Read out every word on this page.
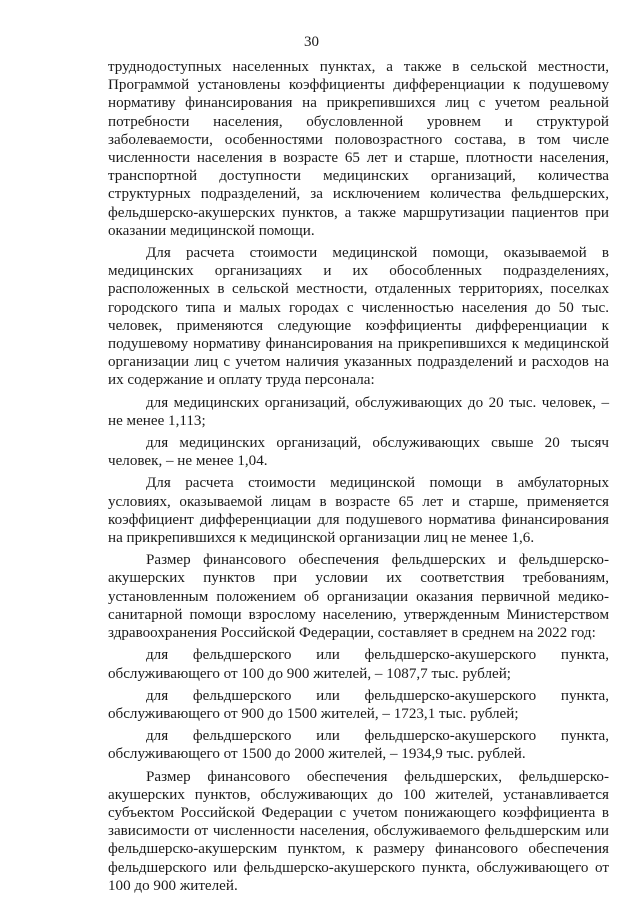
30

труднодоступных населенных пунктах, а также в сельской местности, Программой установлены коэффициенты дифференциации к подушевому нормативу финансирования на прикрепившихся лиц с учетом реальной потребности населения, обусловленной уровнем и структурой заболеваемости, особенностями половозрастного состава, в том числе численности населения в возрасте 65 лет и старше, плотности населения, транспортной доступности медицинских организаций, количества структурных подразделений, за исключением количества фельдшерских, фельдшерско-акушерских пунктов, а также маршрутизации пациентов при оказании медицинской помощи.

Для расчета стоимости медицинской помощи, оказываемой в медицинских организациях и их обособленных подразделениях, расположенных в сельской местности, отдаленных территориях, поселках городского типа и малых городах с численностью населения до 50 тыс. человек, применяются следующие коэффициенты дифференциации к подушевому нормативу финансирования на прикрепившихся к медицинской организации лиц с учетом наличия указанных подразделений и расходов на их содержание и оплату труда персонала:

для медицинских организаций, обслуживающих до 20 тыс. человек, – не менее 1,113;

для медицинских организаций, обслуживающих свыше 20 тысяч человек, – не менее 1,04.

Для расчета стоимости медицинской помощи в амбулаторных условиях, оказываемой лицам в возрасте 65 лет и старше, применяется коэффициент дифференциации для подушевого норматива финансирования на прикрепившихся к медицинской организации лиц не менее 1,6.

Размер финансового обеспечения фельдшерских и фельдшерско-акушерских пунктов при условии их соответствия требованиям, установленным положением об организации оказания первичной медико-санитарной помощи взрослому населению, утвержденным Министерством здравоохранения Российской Федерации, составляет в среднем на 2022 год:

для фельдшерского или фельдшерско-акушерского пункта, обслуживающего от 100 до 900 жителей, – 1087,7 тыс. рублей;

для фельдшерского или фельдшерско-акушерского пункта, обслуживающего от 900 до 1500 жителей, – 1723,1 тыс. рублей;

для фельдшерского или фельдшерско-акушерского пункта, обслуживающего от 1500 до 2000 жителей, – 1934,9 тыс. рублей.

Размер финансового обеспечения фельдшерских, фельдшерско-акушерских пунктов, обслуживающих до 100 жителей, устанавливается субъектом Российской Федерации с учетом понижающего коэффициента в зависимости от численности населения, обслуживаемого фельдшерским или фельдшерско-акушерским пунктом, к размеру финансового обеспечения фельдшерского или фельдшерско-акушерского пункта, обслуживающего от 100 до 900 жителей.
